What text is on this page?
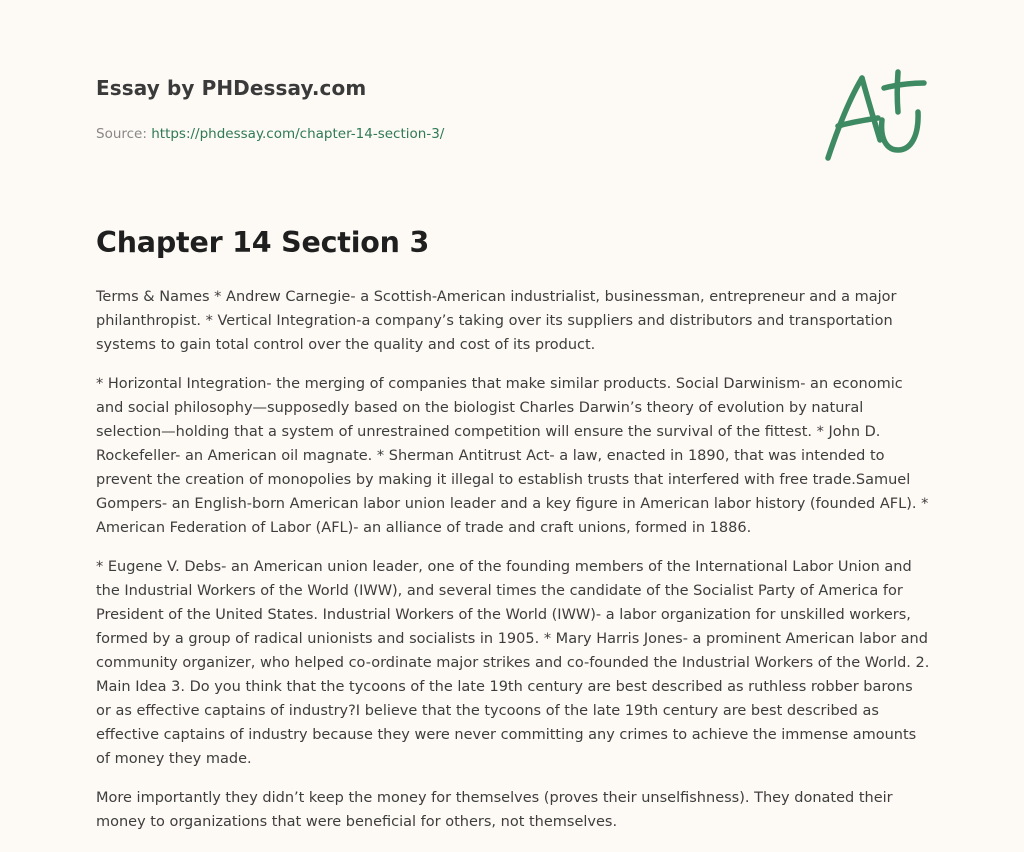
Essay by PHDessay.com
Source: https://phdessay.com/chapter-14-section-3/
Chapter 14 Section 3

Terms & Names * Andrew Carnegie- a Scottish-American industrialist, businessman, entrepreneur and a major philanthropist. * Vertical Integration-a company’s taking over its suppliers and distributors and transportation systems to gain total control over the quality and cost of its product.

* Horizontal Integration- the merging of companies that make similar products. Social Darwinism- an economic and social philosophy—supposedly based on the biologist Charles Darwin’s theory of evolution by natural selection—holding that a system of unrestrained competition will ensure the survival of the fittest. * John D. Rockefeller- an American oil magnate. * Sherman Antitrust Act- a law, enacted in 1890, that was intended to prevent the creation of monopolies by making it illegal to establish trusts that interfered with free trade.Samuel Gompers- an English-born American labor union leader and a key figure in American labor history (founded AFL). * American Federation of Labor (AFL)- an alliance of trade and craft unions, formed in 1886.

* Eugene V. Debs- an American union leader, one of the founding members of the International Labor Union and the Industrial Workers of the World (IWW), and several times the candidate of the Socialist Party of America for President of the United States. Industrial Workers of the World (IWW)- a labor organization for unskilled workers, formed by a group of radical unionists and socialists in 1905. * Mary Harris Jones- a prominent American labor and community organizer, who helped co-ordinate major strikes and co-founded the Industrial Workers of the World. 2. Main Idea 3. Do you think that the tycoons of the late 19th century are best described as ruthless robber barons or as effective captains of industry?I believe that the tycoons of the late 19th century are best described as effective captains of industry because they were never committing any crimes to achieve the immense amounts of money they made.

More importantly they didn’t keep the money for themselves (proves their unselfishness). They donated their money to organizations that were beneficial for others, not themselves.
